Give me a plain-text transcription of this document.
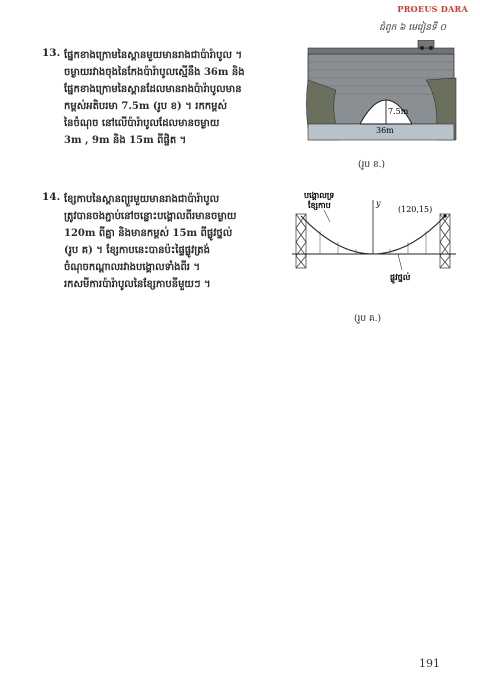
PROEUS DARA
ជំពូក ៦ មេរៀនទី ០
13. ផ្នែកខាងក្រោមនៃស្ពានមួយមានរាងជាប៉ារ៉ាបូល ។
ចម្ងាយរវាងចុងនៃកែងប៉ារ៉ាបូលស្មើនឹង 36m និង
ផ្នែកខាងក្រោមនៃស្ពានដែលមានរាងប៉ារ៉ាបូលមាន
កម្ពស់អតិបរមា 7.5m (រូប ខ) ។ រកកម្ពស់
នៃចំណុច នៅលើប៉ារ៉ាបូលដែលមានចម្ងាយ
3m , 9m និង 15m ពីផ្ចិត ។
7.5m
36m
(រូប ខ.)
14. ខ្សែកាបនៃស្ពានព្យួរមួយមានរាងជាប៉ារ៉ាបូល
ត្រូវបានចងភ្ជាប់នៅចន្លោះបង្គោលពីរមានចម្ងាយ
120m ពីគ្នា និងមានកម្ពស់ 15m ពីផ្លូវថ្នល់
(រូប គ) ។ ខ្សែកាបនេះបានប៉ះផ្ទៃផ្លូវត្រង់
ចំណុចកណ្តាលរវាងបង្គោលទាំងពីរ ។
រកសមីការប៉ារ៉ាបូលនៃខ្សែកាបនីមួយៗ ។
y
(120,15)
បង្គោលទ្រ ខ្សែកាប
ផ្លូវថ្នល់
(រូប គ.)
191
